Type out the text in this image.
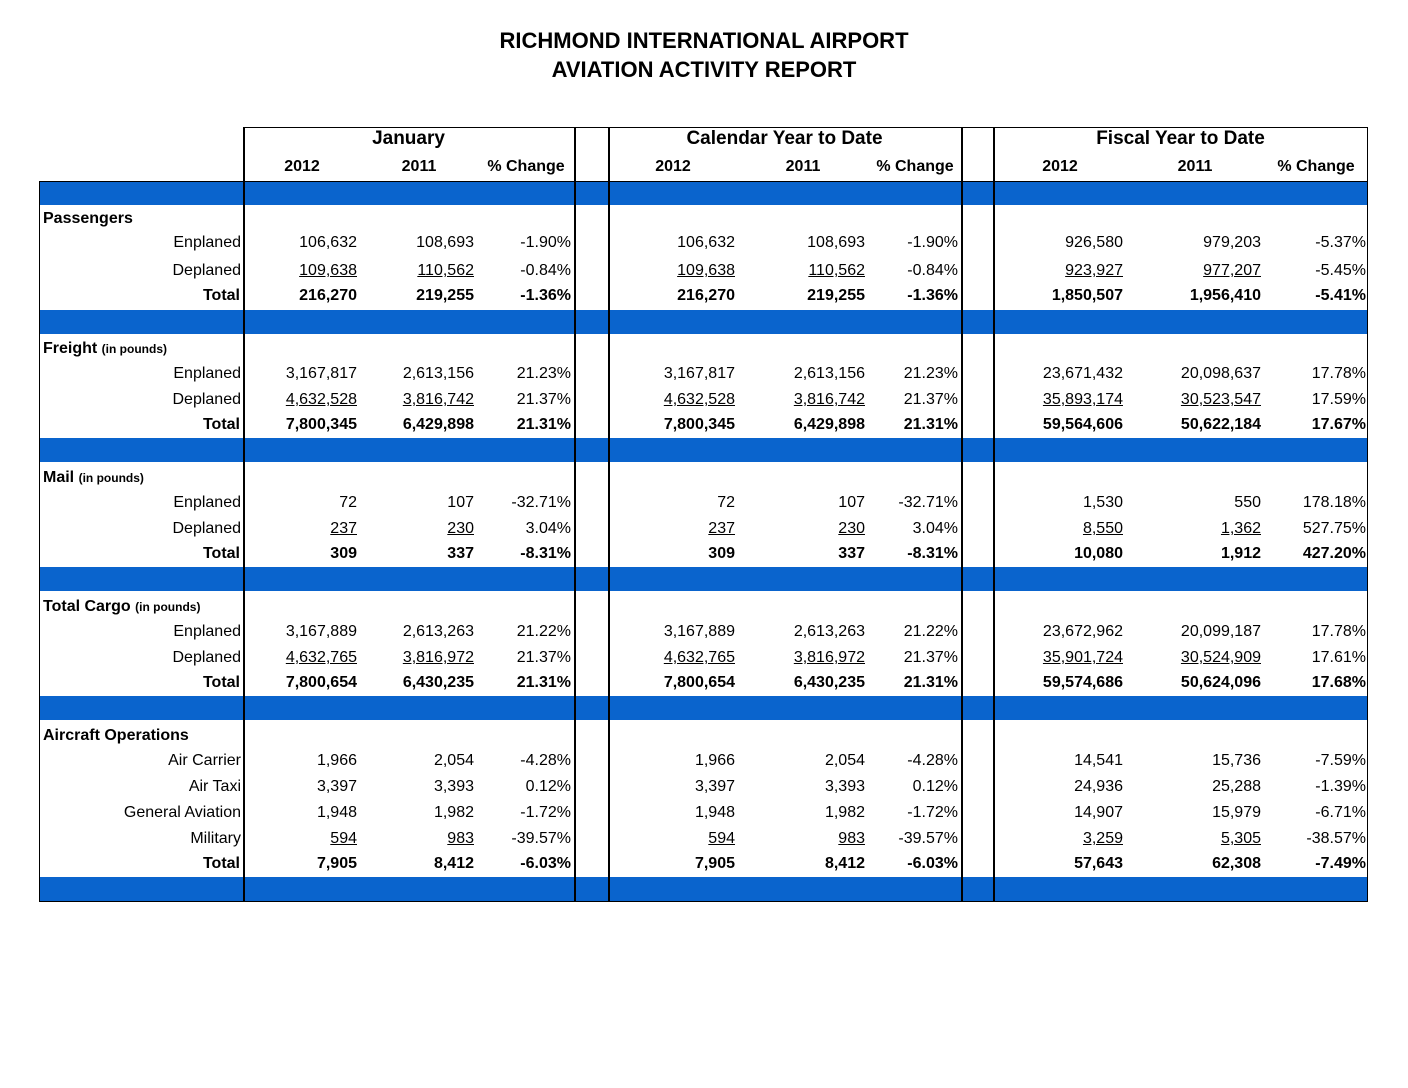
RICHMOND INTERNATIONAL AIRPORT
AVIATION ACTIVITY REPORT
January
2012	2011	% Change
Calendar Year to Date
2012	2011	% Change
Fiscal Year to Date
2012	2011	% Change
Passengers
Enplaned	106,632	108,693	-1.90%	106,632	108,693	-1.90%	926,580	979,203	-5.37%
Deplaned	109,638	110,562	-0.84%	109,638	110,562	-0.84%	923,927	977,207	-5.45%
Total	216,270	219,255	-1.36%	216,270	219,255	-1.36%	1,850,507	1,956,410	-5.41%
Freight (in pounds)
Enplaned	3,167,817	2,613,156	21.23%	3,167,817	2,613,156 21.23%	23,671,432	20,098,637	17.78%
Deplaned	4,632,528	3,816,742	21.37%	4,632,528	3,816,742 21.37%	35,893,174	30,523,547	17.59%
Total	7,800,345	6,429,898	21.31%	7,800,345	6,429,898 21.31%	59,564,606	50,622,184	17.67%
Mail (in pounds)
Enplaned	72	107 -32.71%	72	107 -32.71%	1,530	550	178.18%
Deplaned	237	230	3.04%	237	230	3.04%	8,550	1,362	527.75%
Total	309	337	-8.31%	309	337	-8.31%	10,080	1,912	427.20%
Total Cargo (in pounds)
Enplaned	3,167,889	2,613,263	21.22%	3,167,889	2,613,263 21.22%	23,672,962	20,099,187	17.78%
Deplaned	4,632,765	3,816,972	21.37%	4,632,765	3,816,972 21.37%	35,901,724	30,524,909	17.61%
Total	7,800,654	6,430,235	21.31%	7,800,654	6,430,235 21.31%	59,574,686	50,624,096	17.68%
Aircraft Operations
Air Carrier	1,966	2,054	-4.28%	1,966	2,054	-4.28%	14,541	15,736	-7.59%
Air Taxi	3,397	3,393	0.12%	3,397	3,393	0.12%	24,936	25,288	-1.39%
General Aviation	1,948	1,982	-1.72%	1,948	1,982	-1.72%	14,907	15,979	-6.71%
Military	594	983 -39.57%	594	983 -39.57%	3,259	5,305	-38.57%
Total	7,905	8,412	-6.03%	7,905	8,412	-6.03%	57,643	62,308	-7.49%
